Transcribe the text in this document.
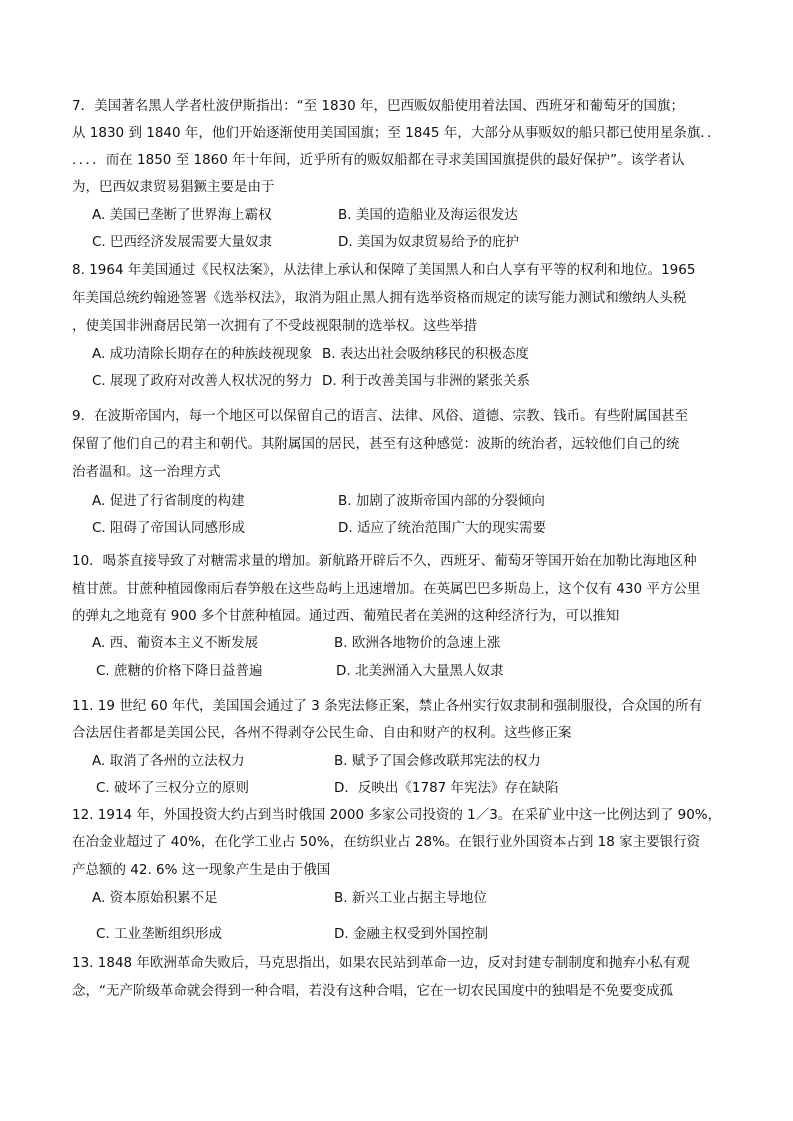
7．美国著名黑人学者杜波伊斯指出：“至 1830 年，巴西贩奴船使用着法国、西班牙和葡萄牙的国旗；
从 1830 到 1840 年，他们开始逐渐使用美国国旗；至 1845 年，大部分从事贩奴的船只都已使用星条旗．．
．．．．而在 1850 至 1860 年十年间，近乎所有的贩奴船都在寻求美国国旗提供的最好保护”。该学者认
为，巴西奴隶贸易猖獗主要是由于
A. 美国已垄断了世界海上霸权	B. 美国的造船业及海运很发达
C. 巴西经济发展需要大量奴隶	D. 美国为奴隶贸易给予的庇护
8. 1964 年美国通过《民权法案》，从法律上承认和保障了美国黑人和白人享有平等的权利和地位。1965
年美国总统约翰逊签署《选举权法》，取消为阻止黑人拥有选举资格而规定的读写能力测试和缴纳人头税
，使美国非洲裔居民第一次拥有了不受歧视限制的选举权。这些举措
A. 成功清除长期存在的种族歧视现象 B. 表达出社会吸纳移民的积极态度
C. 展现了政府对改善人权状况的努力 D. 利于改善美国与非洲的紧张关系
9．在波斯帝国内，每一个地区可以保留自己的语言、法律、风俗、道德、宗教、钱币。有些附属国甚至
保留了他们自己的君主和朝代。其附属国的居民，甚至有这种感觉：波斯的统治者，远较他们自己的统
治者温和。这一治理方式
A. 促进了行省制度的构建	B. 加剧了波斯帝国内部的分裂倾向
C. 阻碍了帝国认同感形成	D. 适应了统治范围广大的现实需要
10．喝茶直接导致了对糖需求量的增加。新航路开辟后不久，西班牙、葡萄牙等国开始在加勒比海地区种
植甘蔗。甘蔗种植园像雨后春笋般在这些岛屿上迅速增加。在英属巴巴多斯岛上，这个仅有 430 平方公里
的弹丸之地竟有 900 多个甘蔗种植园。通过西、葡殖民者在美洲的这种经济行为，可以推知
A. 西、葡资本主义不断发展	B. 欧洲各地物价的急速上涨
C. 蔗糖的价格下降日益普遍	D. 北美洲涌入大量黑人奴隶
11. 19 世纪 60 年代，美国国会通过了 3 条宪法修正案，禁止各州实行奴隶制和强制服役，合众国的所有
合法居住者都是美国公民，各州不得剥夺公民生命、自由和财产的权利。这些修正案
A. 取消了各州的立法权力	B. 赋予了国会修改联邦宪法的权力
C. 破坏了三权分立的原则	D．反映出《1787 年宪法》存在缺陷
12. 1914 年，外国投资大约占到当时俄国 2000 多家公司投资的 1／3。在采矿业中这一比例达到了 90%，
在冶金业超过了 40%，在化学工业占 50%，在纺织业占 28%。在银行业外国资本占到 18 家主要银行资
产总额的 42. 6% 这一现象产生是由于俄国
A. 资本原始积累不足	B. 新兴工业占据主导地位
C. 工业垄断组织形成	D. 金融主权受到外国控制
13. 1848 年欧洲革命失败后，马克思指出，如果农民站到革命一边，反对封建专制制度和抛弃小私有观
念，“无产阶级革命就会得到一种合唱，若没有这种合唱，它在一切农民国度中的独唱是不免要变成孤
